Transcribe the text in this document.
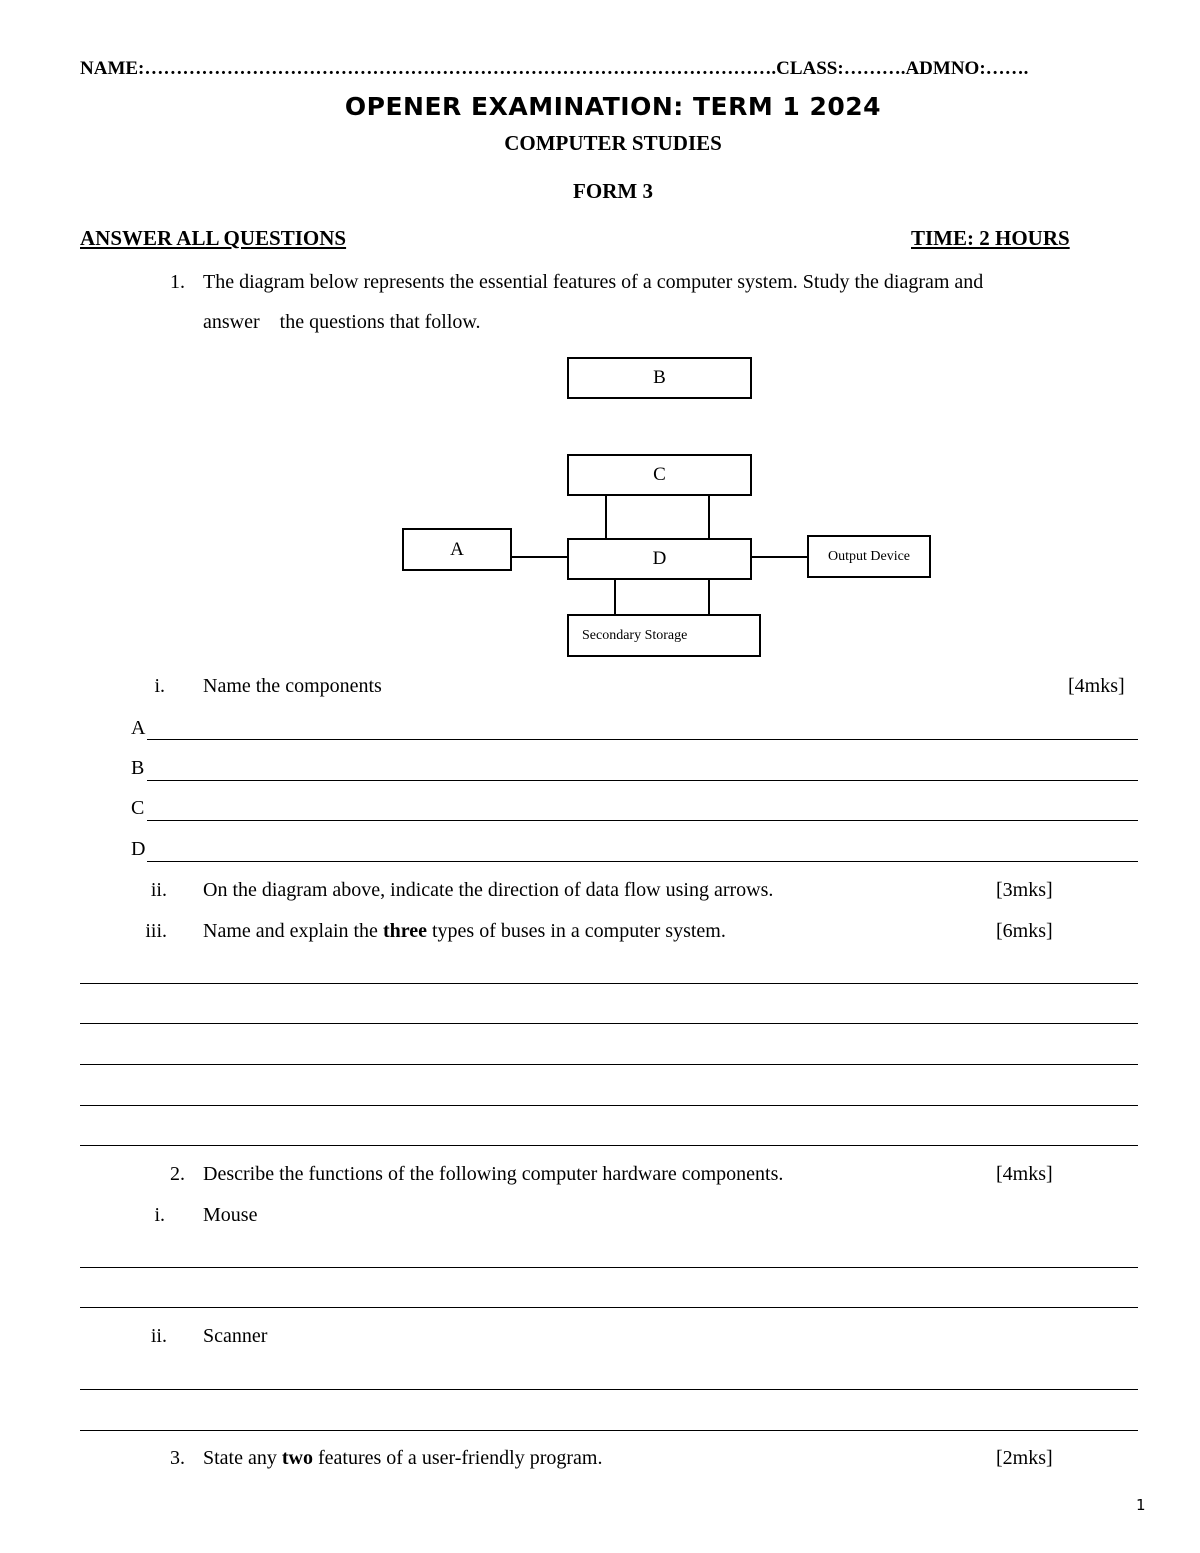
NAME:……………………………………………………………………………………….CLASS:……….ADMNO:…….
OPENER EXAMINATION: TERM 1 2024
COMPUTER STUDIES
FORM 3
ANSWER ALL QUESTIONS	TIME: 2 HOURS
1. The diagram below represents the essential features of a computer system. Study the diagram and
answer    the questions that follow.
B
C
D
A	Output Device
Secondary Storage
i. Name the components	[4mks]
A
B
C
D
ii. On the diagram above, indicate the direction of data flow using arrows.	[3mks]
iii. Name and explain the three types of buses in a computer system.	[6mks]
2. Describe the functions of the following computer hardware components.	[4mks]
i. Mouse
ii. Scanner
3. State any two features of a user-friendly program.	[2mks]
1
